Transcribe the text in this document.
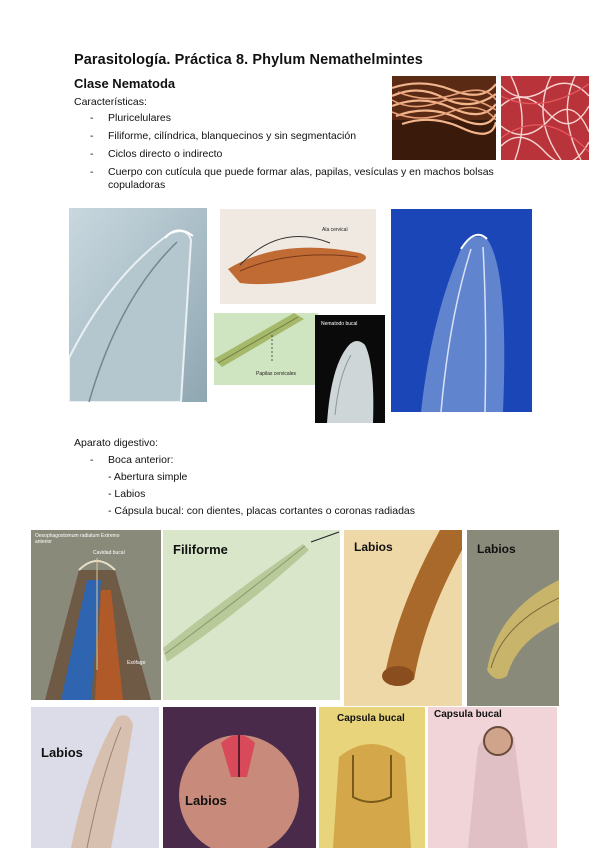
Parasitología. Práctica 8. Phylum Nemathelmintes
Clase Nematoda
Características:
- Pluricelulares
- Filiforme, cilíndrica, blanquecinos y sin segmentación
- Ciclos directo o indirecto
- Cuerpo con cutícula que puede formar alas, papilas, vesículas y en machos bolsas copuladoras
Ala cervical
Papilas cervicales
Nematodo bucal
Aparato digestivo:
- Boca anterior:
- Abertura simple
- Labios
- Cápsula bucal: con dientes, placas cortantes o coronas radiadas
Oesophagostomum radiatum Extremo anterior
Cavidad bucal
Esófago
Filiforme	Labios	Labios
Labios
Labios
Capsula bucal	Capsula bucal
